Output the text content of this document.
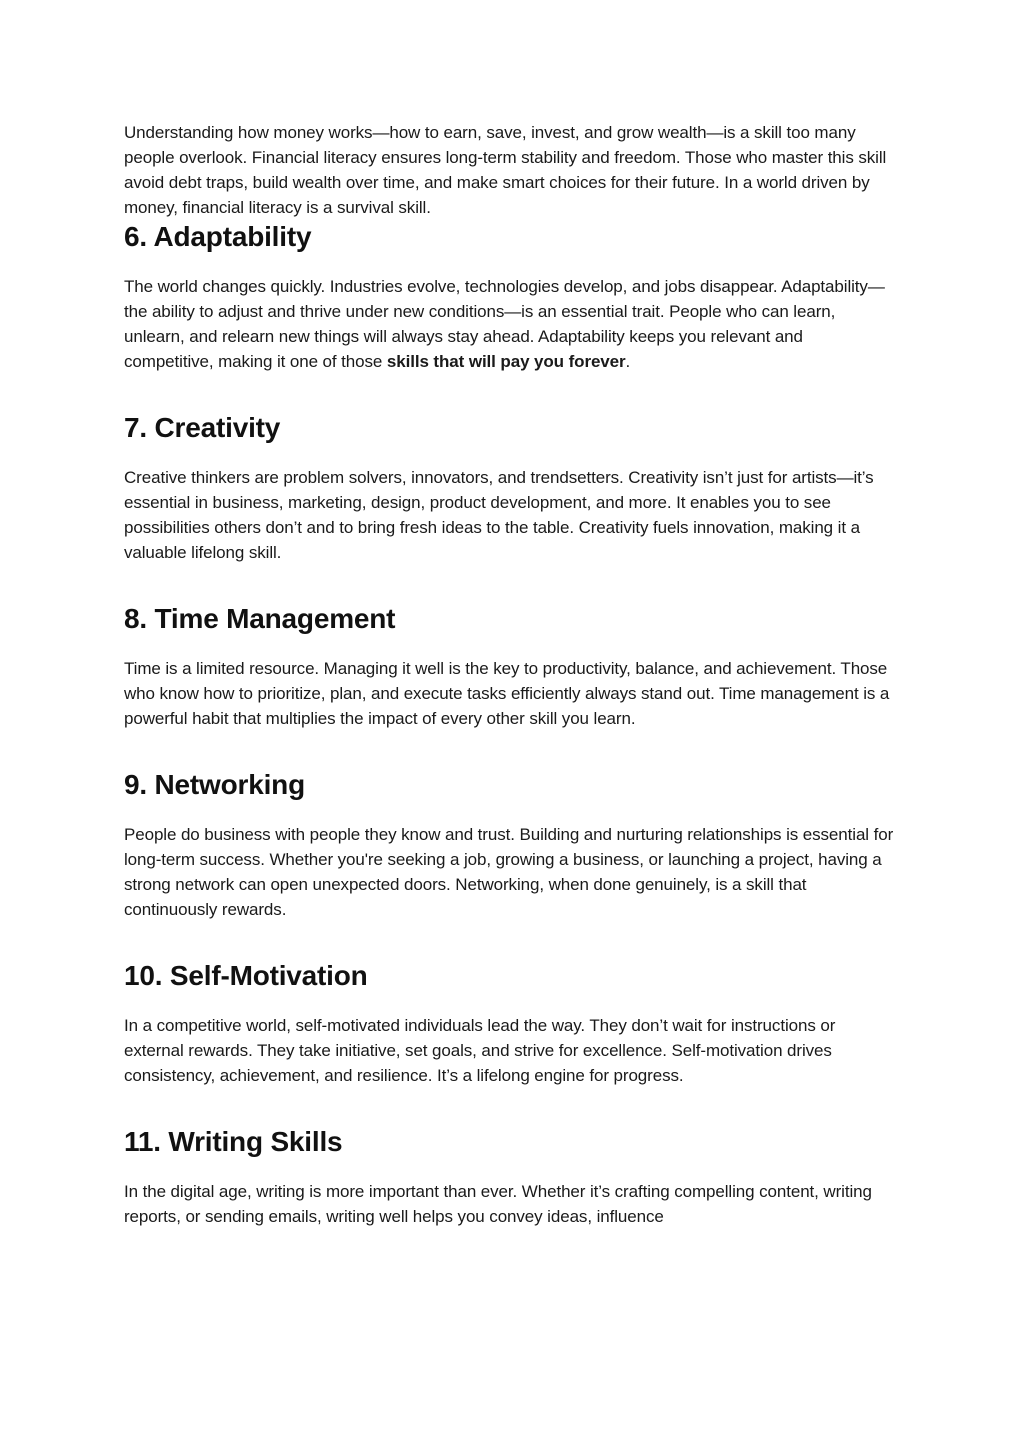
Understanding how money works—how to earn, save, invest, and grow wealth—is a skill too many people overlook. Financial literacy ensures long-term stability and freedom. Those who master this skill avoid debt traps, build wealth over time, and make smart choices for their future. In a world driven by money, financial literacy is a survival skill.

6. Adaptability

The world changes quickly. Industries evolve, technologies develop, and jobs disappear. Adaptability—the ability to adjust and thrive under new conditions—is an essential trait. People who can learn, unlearn, and relearn new things will always stay ahead. Adaptability keeps you relevant and competitive, making it one of those skills that will pay you forever.

7. Creativity

Creative thinkers are problem solvers, innovators, and trendsetters. Creativity isn’t just for artists—it’s essential in business, marketing, design, product development, and more. It enables you to see possibilities others don’t and to bring fresh ideas to the table. Creativity fuels innovation, making it a valuable lifelong skill.

8. Time Management

Time is a limited resource. Managing it well is the key to productivity, balance, and achievement. Those who know how to prioritize, plan, and execute tasks efficiently always stand out. Time management is a powerful habit that multiplies the impact of every other skill you learn.

9. Networking

People do business with people they know and trust. Building and nurturing relationships is essential for long-term success. Whether you're seeking a job, growing a business, or launching a project, having a strong network can open unexpected doors. Networking, when done genuinely, is a skill that continuously rewards.

10. Self-Motivation

In a competitive world, self-motivated individuals lead the way. They don’t wait for instructions or external rewards. They take initiative, set goals, and strive for excellence. Self-motivation drives consistency, achievement, and resilience. It’s a lifelong engine for progress.

11. Writing Skills

In the digital age, writing is more important than ever. Whether it’s crafting compelling content, writing reports, or sending emails, writing well helps you convey ideas, influence
